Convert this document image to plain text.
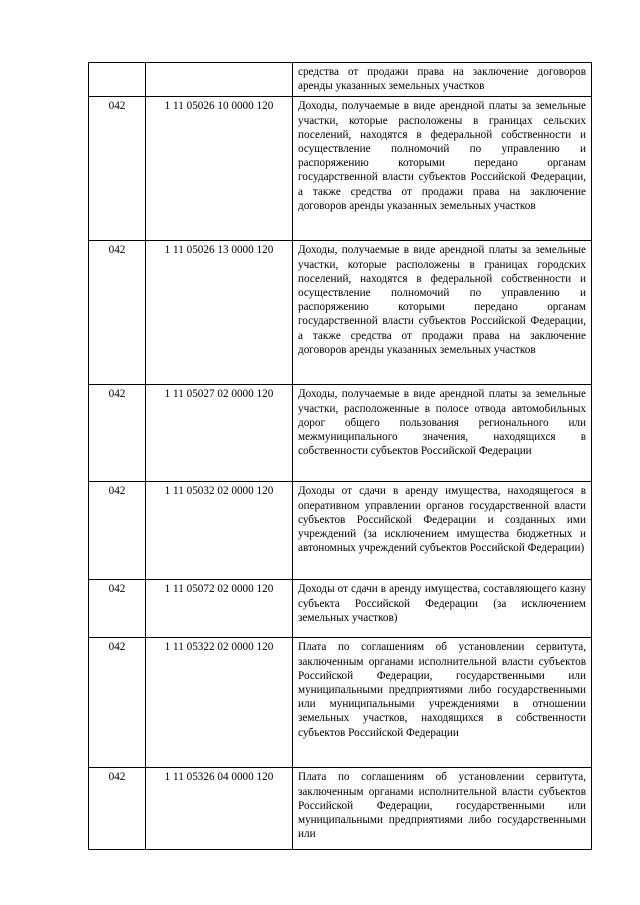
		средства от продажи права на заключение договоров аренды указанных земельных участков
042	1 11 05026 10 0000 120	Доходы, получаемые в виде арендной платы за земельные участки, которые расположены в границах сельских поселений, находятся в федеральной собственности и осуществление полномочий по управлению и распоряжению которыми передано органам государственной власти субъектов Российской Федерации, а также средства от продажи права на заключение договоров аренды указанных земельных участков
042	1 11 05026 13 0000 120	Доходы, получаемые в виде арендной платы за земельные участки, которые расположены в границах городских поселений, находятся в федеральной собственности и осуществление полномочий по управлению и распоряжению которыми передано органам государственной власти субъектов Российской Федерации, а также средства от продажи права на заключение договоров аренды указанных земельных участков
042	1 11 05027 02 0000 120	Доходы, получаемые в виде арендной платы за земельные участки, расположенные в полосе отвода автомобильных дорог общего пользования регионального или межмуниципального значения, находящихся в собственности субъектов Российской Федерации
042	1 11 05032 02 0000 120	Доходы от сдачи в аренду имущества, находящегося в оперативном управлении органов государственной власти субъектов Российской Федерации и созданных ими учреждений (за исключением имущества бюджетных и автономных учреждений субъектов Российской Федерации)
042	1 11 05072 02 0000 120	Доходы от сдачи в аренду имущества, составляющего казну субъекта Российской Федерации (за исключением земельных участков)
042	1 11 05322 02 0000 120	Плата по соглашениям об установлении сервитута, заключенным органами исполнительной власти субъектов Российской Федерации, государственными или муниципальными предприятиями либо государственными или муниципальными учреждениями в отношении земельных участков, находящихся в собственности субъектов Российской Федерации
042	1 11 05326 04 0000 120	Плата по соглашениям об установлении сервитута, заключенным органами исполнительной власти субъектов Российской Федерации, государственными или муниципальными предприятиями либо государственными или
